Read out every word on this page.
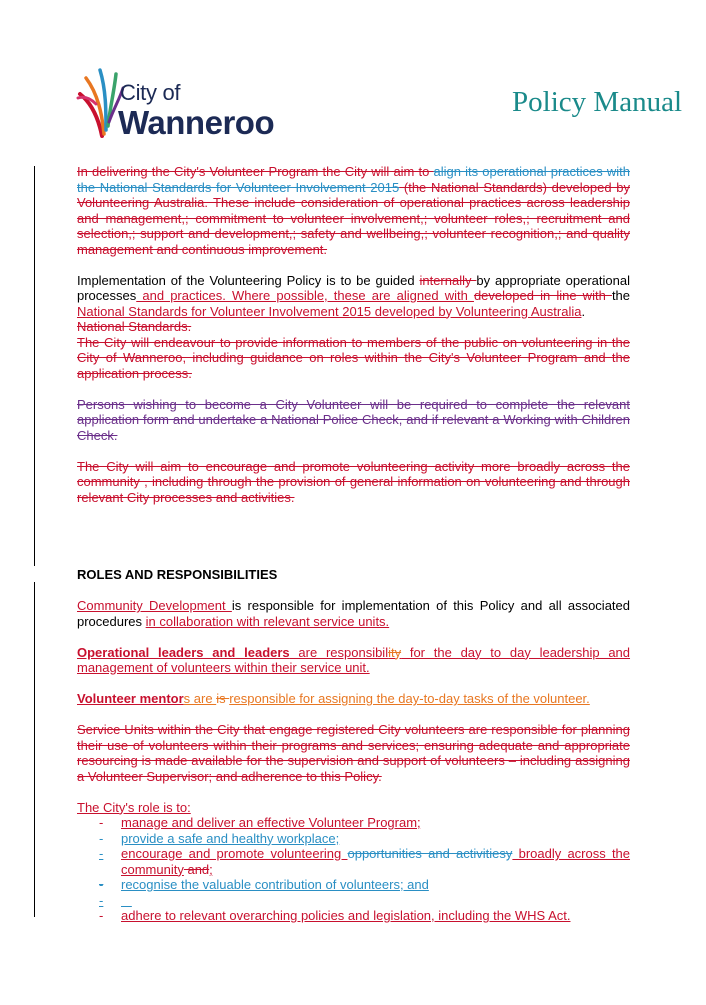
City of
Wanneroo
Policy Manual

In delivering the City's Volunteer Program the City will aim to align its operational practices with the National Standards for Volunteer Involvement 2015 (the National Standards) developed by Volunteering Australia. These include consideration of operational practices across leadership and management,; commitment to volunteer involvement,; volunteer roles,; recruitment and selection,; support and development,; safety and wellbeing,; volunteer recognition,; and quality management and continuous improvement.

Implementation of the Volunteering Policy is to be guided internally by appropriate operational processes and practices. Where possible, these are aligned with developed in line with the National Standards for Volunteer Involvement 2015 developed by Volunteering Australia.
National Standards.
The City will endeavour to provide information to members of the public on volunteering in the City of Wanneroo, including guidance on roles within the City's Volunteer Program and the application process.

Persons wishing to become a City Volunteer will be required to complete the relevant application form and undertake a National Police Check, and if relevant a Working with Children Check.

The City will aim to encourage and promote volunteering activity more broadly across the community , including through the provision of general information on volunteering and through relevant City processes and activities.

ROLES AND RESPONSIBILITIES

Community Development is responsible for implementation of this Policy and all associated procedures in collaboration with relevant service units.

Operational leaders and leaders are responsibility for the day to day leadership and management of volunteers within their service unit.

Volunteer mentors are is responsible for assigning the day-to-day tasks of the volunteer.

Service Units within the City that engage registered City volunteers are responsible for planning their use of volunteers within their programs and services; ensuring adequate and appropriate resourcing is made available for the supervision and support of volunteers – including assigning a Volunteer Supervisor; and adherence to this Policy.

The City's role is to:

- manage and deliver an effective Volunteer Program;
- provide a safe and healthy workplace;
- encourage and promote volunteering opportunities and activitiesy broadly across the community and;
- recognise the valuable contribution of volunteers; and
-

- adhere to relevant overarching policies and legislation, including the WHS Act.
